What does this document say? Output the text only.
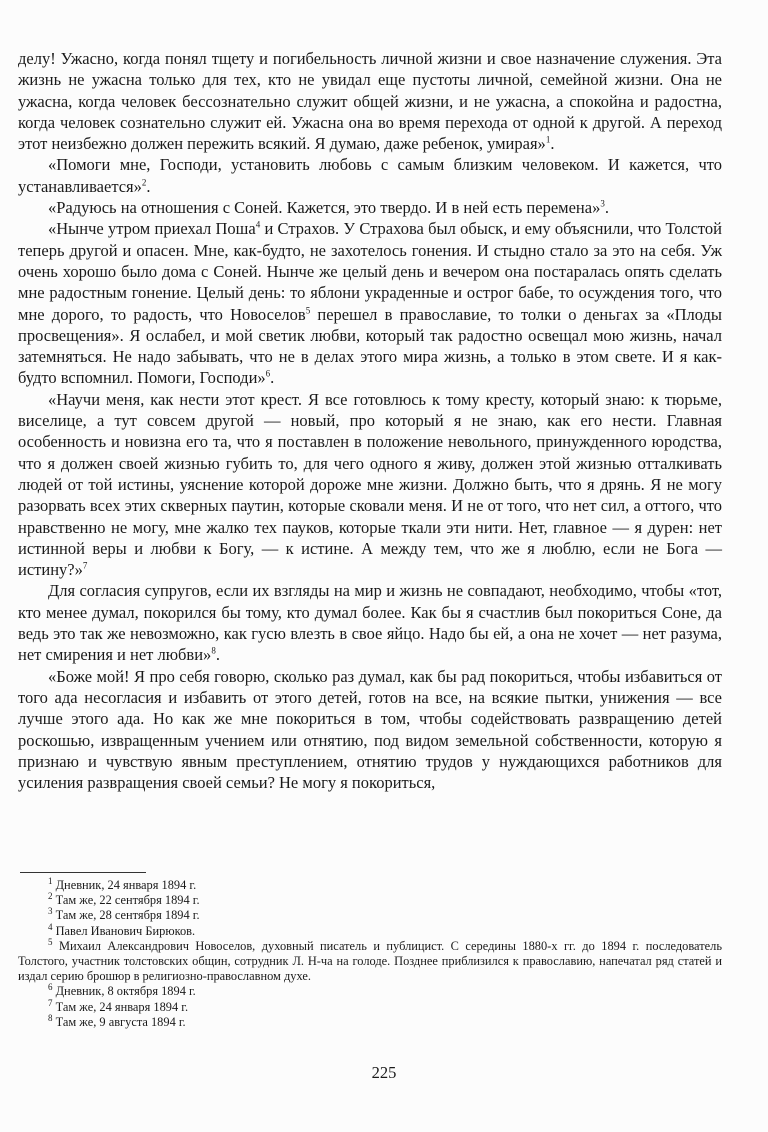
делу! Ужасно, когда понял тщету и погибельность личной жизни и свое назначение служения. Эта жизнь не ужасна только для тех, кто не увидал еще пустоты личной, семейной жизни. Она не ужасна, когда человек бессознательно служит общей жизни, и не ужасна, а спокойна и радостна, когда человек сознательно служит ей. Ужасна она во время перехода от одной к другой. А переход этот неизбежно должен пережить всякий. Я думаю, даже ребенок, умирая»$^1$.

«Помоги мне, Господи, установить любовь с самым близким человеком. И кажется, что устанавливается»$^2$.

«Радуюсь на отношения с Соней. Кажется, это твердо. И в ней есть перемена»$^3$.

«Нынче утром приехал Поша$^4$ и Страхов. У Страхова был обыск, и ему объяснили, что Толстой теперь другой и опасен. Мне, как-будто, не захотелось гонения. И стыдно стало за это на себя. Уж очень хорошо было дома с Соней. Нынче же целый день и вечером она постаралась опять сделать мне радостным гонение. Целый день: то яблони украденные и острог бабе, то осуждения того, что мне дорого, то радость, что Новоселов$^5$ перешел в православие, то толки о деньгах за «Плоды просвещения». Я ослабел, и мой светик любви, который так радостно освещал мою жизнь, начал затемняться. Не надо забывать, что не в делах этого мира жизнь, а только в этом свете. И я как-будто вспомнил. Помоги, Господи»$^6$.

«Научи меня, как нести этот крест. Я все готовлюсь к тому кресту, который знаю: к тюрьме, виселице, а тут совсем другой — новый, про который я не знаю, как его нести. Главная особенность и новизна его та, что я поставлен в положение невольного, принужденного юродства, что я должен своей жизнью губить то, для чего одного я живу, должен этой жизнью отталкивать людей от той истины, уяснение которой дороже мне жизни. Должно быть, что я дрянь. Я не могу разорвать всех этих скверных паутин, которые сковали меня. И не от того, что нет сил, а оттого, что нравственно не могу, мне жалко тех пауков, которые ткали эти нити. Нет, главное — я дурен: нет истинной веры и любви к Богу, — к истине. А между тем, что же я люблю, если не Бога — истину?»$^7$

Для согласия супругов, если их взгляды на мир и жизнь не совпадают, необходимо, чтобы «тот, кто менее думал, покорился бы тому, кто думал более. Как бы я счастлив был покориться Соне, да ведь это так же невозможно, как гусю влезть в свое яйцо. Надо бы ей, а она не хочет — нет разума, нет смирения и нет любви»$^8$.

«Боже мой! Я про себя говорю, сколько раз думал, как бы рад покориться, чтобы избавиться от того ада несогласия и избавить от этого детей, готов на все, на всякие пытки, унижения — все лучше этого ада. Но как же мне покориться в том, чтобы содействовать развращению детей роскошью, извращенным учением или отнятию, под видом земельной собственности, которую я признаю и чувствую явным преступлением, отнятию трудов у нуждающихся работников для усиления развращения своей семьи? Не могу я покориться,

$^1$ Дневник, 24 января 1894 г.

$^2$ Там же, 22 сентября 1894 г.

$^3$ Там же, 28 сентября 1894 г.

$^4$ Павел Иванович Бирюков.

$^5$ Михаил Александрович Новоселов, духовный писатель и публицист. С середины 1880-х гг. до 1894 г. последователь Толстого, участник толстовских общин, сотрудник Л. Н-ча на голоде. Позднее приблизился к православию, напечатал ряд статей и издал серию брошюр в религиозно-православном духе.

$^6$ Дневник, 8 октября 1894 г.

$^7$ Там же, 24 января 1894 г.

$^8$ Там же, 9 августа 1894 г.

225
